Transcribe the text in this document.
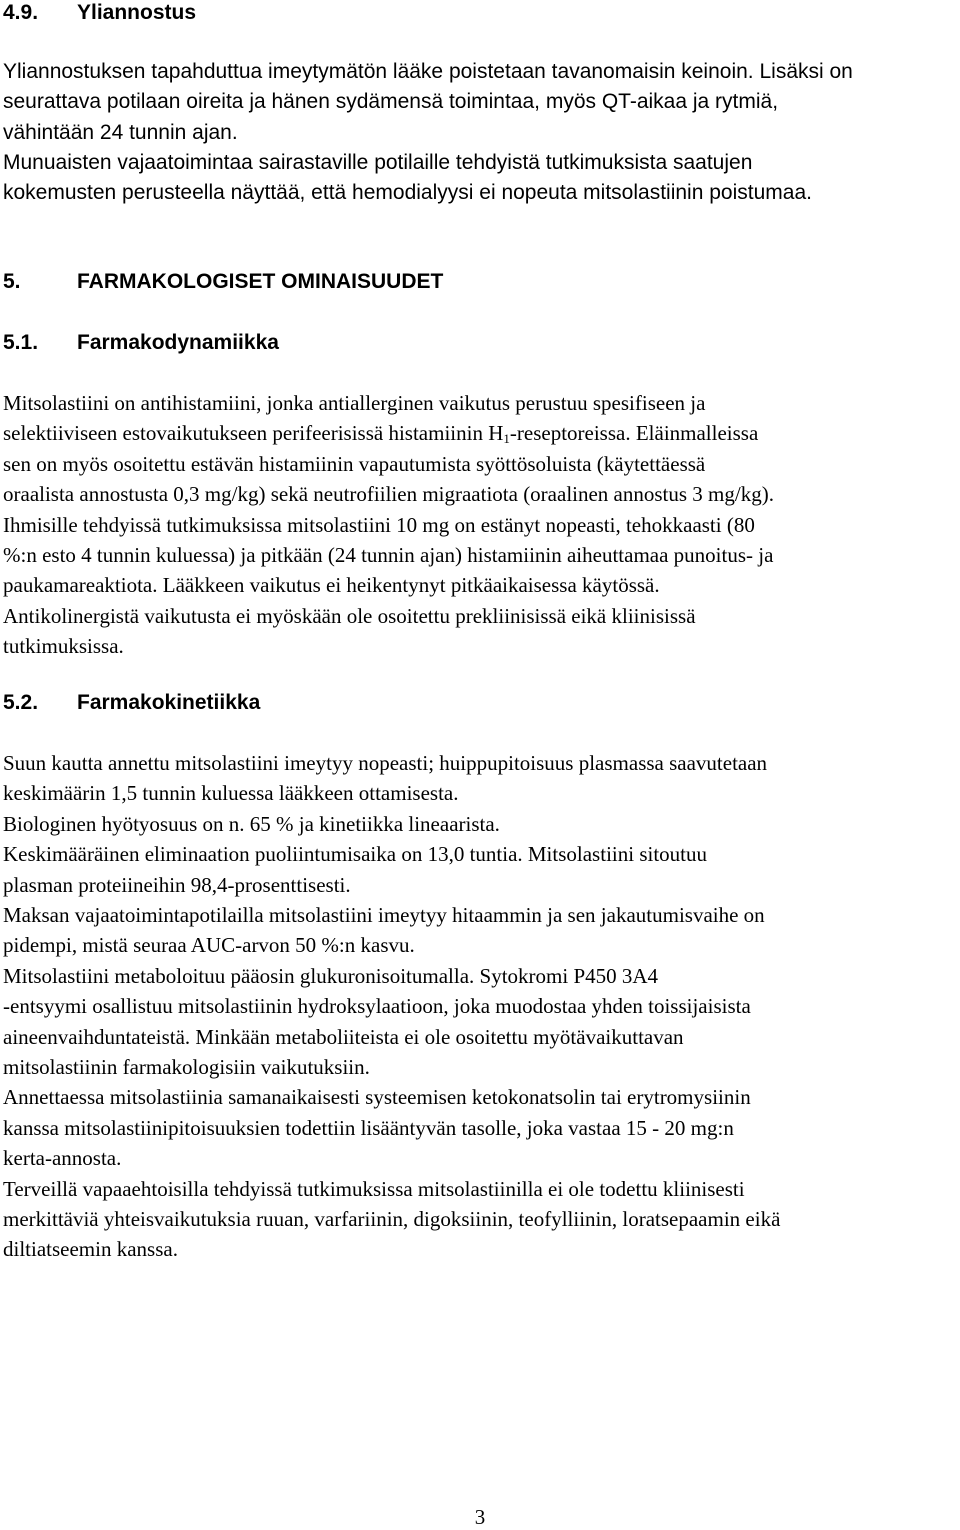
4.9. Yliannostus
Yliannostuksen tapahduttua imeytymätön lääke poistetaan tavanomaisin keinoin. Lisäksi on
seurattava potilaan oireita ja hänen sydämensä toimintaa, myös QT-aikaa ja rytmiä,
vähintään 24 tunnin ajan.
Munuaisten vajaatoimintaa sairastaville potilaille tehdyistä tutkimuksista saatujen
kokemusten perusteella näyttää, että hemodialyysi ei nopeuta mitsolastiinin poistumaa.
5.	FARMAKOLOGISET OMINAISUUDET
5.1. Farmakodynamiikka
Mitsolastiini on antihistamiini, jonka antiallerginen vaikutus perustuu spesifiseen ja
selektiiviseen estovaikutukseen perifeerisissä histamiinin $H_1$-reseptoreissa. Eläinmalleissa
sen on myös osoitettu estävän histamiinin vapautumista syöttösoluista (käytettäessä
oraalista annostusta 0,3 mg/kg) sekä neutrofiilien migraatiota (oraalinen annostus 3 mg/kg).
Ihmisille tehdyissä tutkimuksissa mitsolastiini 10 mg on estänyt nopeasti, tehokkaasti (80
%:n esto 4 tunnin kuluessa) ja pitkään (24 tunnin ajan) histamiinin aiheuttamaa punoitus- ja
paukamareaktiota. Lääkkeen vaikutus ei heikentynyt pitkäaikaisessa käytössä.
Antikolinergistä vaikutusta ei myöskään ole osoitettu prekliinisissä eikä kliinisissä
tutkimuksissa.
5.2. Farmakokinetiikka
Suun kautta annettu mitsolastiini imeytyy nopeasti; huippupitoisuus plasmassa saavutetaan
keskimäärin 1,5 tunnin kuluessa lääkkeen ottamisesta.
Biologinen hyötyosuus on n. 65 % ja kinetiikka lineaarista.
Keskimääräinen eliminaation puoliintumisaika on 13,0 tuntia. Mitsolastiini sitoutuu
plasman proteiineihin 98,4-prosenttisesti.
Maksan vajaatoimintapotilailla mitsolastiini imeytyy hitaammin ja sen jakautumisvaihe on
pidempi, mistä seuraa AUC-arvon 50 %:n kasvu.
Mitsolastiini metaboloituu pääosin glukuronisoitumalla. Sytokromi P450 3A4
-entsyymi osallistuu mitsolastiinin hydroksylaatioon, joka muodostaa yhden toissijaisista
aineenvaihduntateistä. Minkään metaboliiteista ei ole osoitettu myötävaikuttavan
mitsolastiinin farmakologisiin vaikutuksiin.
Annettaessa mitsolastiinia samanaikaisesti systeemisen ketokonatsolin tai erytromysiinin
kanssa mitsolastiinipitoisuuksien todettiin lisääntyvän tasolle, joka vastaa 15 - 20 mg:n
kerta-annosta.
Terveillä vapaaehtoisilla tehdyissä tutkimuksissa mitsolastiinilla ei ole todettu kliinisesti
merkittäviä yhteisvaikutuksia ruuan, varfariinin, digoksiinin, teofylliinin, loratsepaamin eikä
diltiatseemin kanssa.
3
